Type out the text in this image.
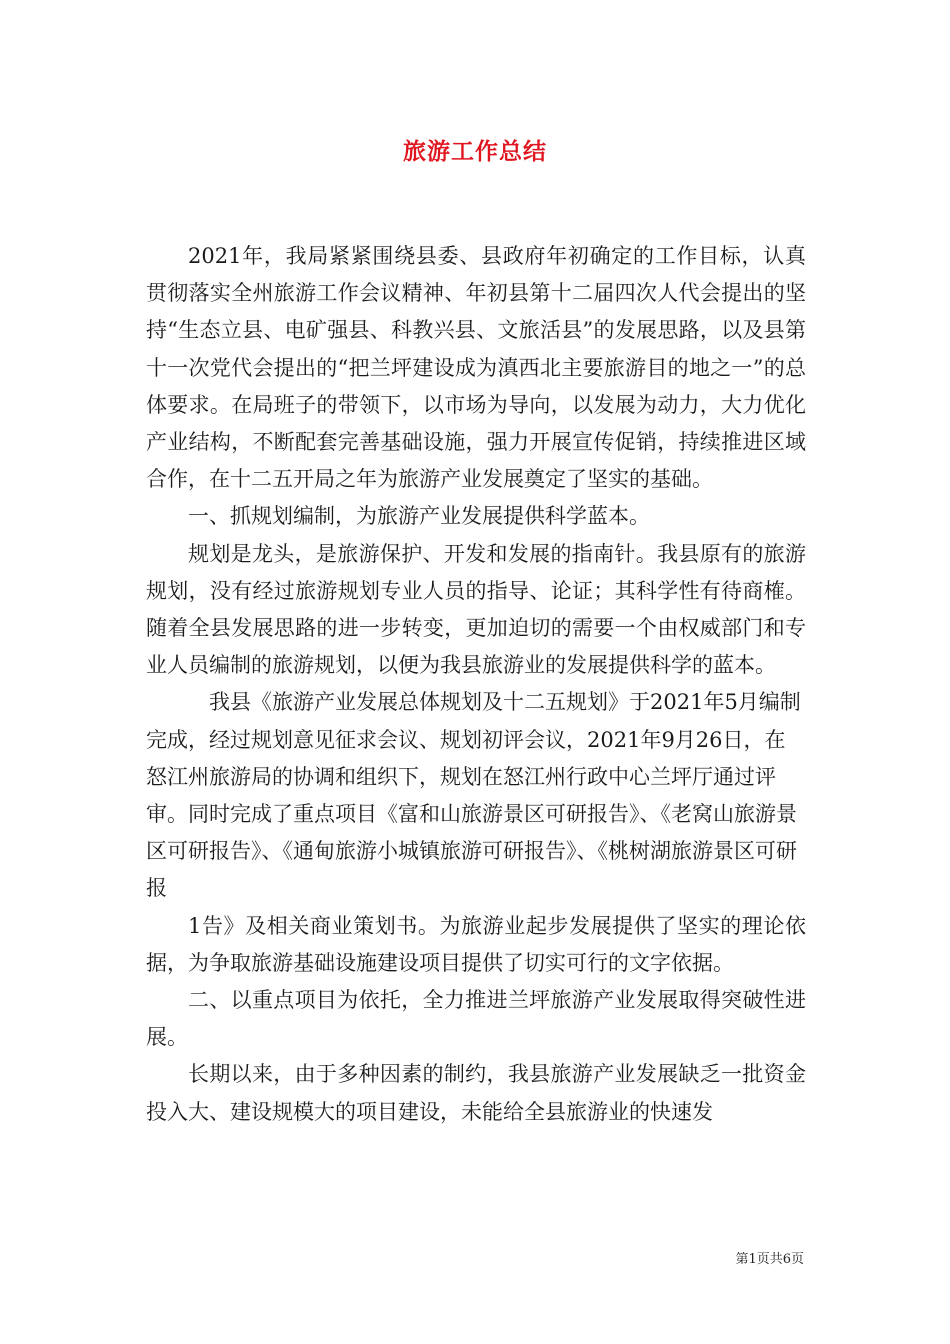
旅游工作总结

2021年，我局紧紧围绕县委、县政府年初确定的工作目标，认真贯彻落实全州旅游工作会议精神、年初县第十二届四次人代会提出的坚持“生态立县、电矿强县、科教兴县、文旅活县”的发展思路，以及县第十一次党代会提出的“把兰坪建设成为滇西北主要旅游目的地之一”的总体要求。在局班子的带领下，以市场为导向，以发展为动力，大力优化产业结构，不断配套完善基础设施，强力开展宣传促销，持续推进区域合作，在十二五开局之年为旅游产业发展奠定了坚实的基础。

一、抓规划编制，为旅游产业发展提供科学蓝本。

规划是龙头，是旅游保护、开发和发展的指南针。我县原有的旅游规划，没有经过旅游规划专业人员的指导、论证；其科学性有待商榷。随着全县发展思路的进一步转变，更加迫切的需要一个由权威部门和专业人员编制的旅游规划，以便为我县旅游业的发展提供科学的蓝本。

我县《旅游产业发展总体规划及十二五规划》于2021年5月编制完成，经过规划意见征求会议、规划初评会议，2021年9月26日，在怒江州旅游局的协调和组织下，规划在怒江州行政中心兰坪厅通过评审。同时完成了重点项目《富和山旅游景区可研报告》、《老窝山旅游景区可研报告》、《通甸旅游小城镇旅游可研报告》、《桃树湖旅游景区可研报

1告》及相关商业策划书。为旅游业起步发展提供了坚实的理论依据，为争取旅游基础设施建设项目提供了切实可行的文字依据。

二、以重点项目为依托，全力推进兰坪旅游产业发展取得突破性进展。

长期以来，由于多种因素的制约，我县旅游产业发展缺乏一批资金投入大、建设规模大的项目建设，未能给全县旅游业的快速发

第1页共6页
